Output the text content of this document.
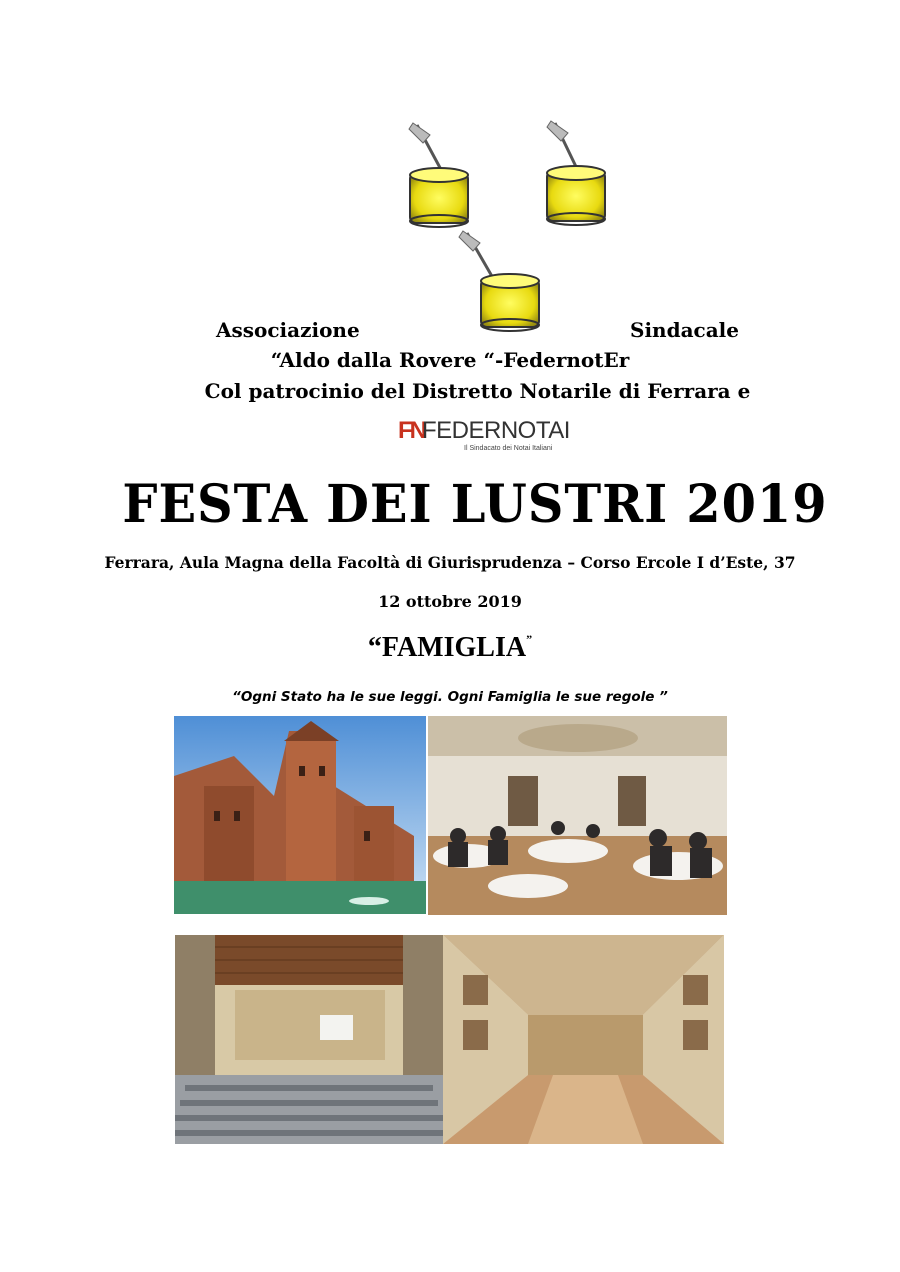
Associazione	Sindacale
“Aldo dalla Rovere “-FedernotEr
Col patrocinio del Distretto Notarile di Ferrara e
FN
FEDERNOTAI
Il Sindacato dei Notai Italiani
FESTA DEI LUSTRI 2019
Ferrara, Aula Magna della Facoltà di Giurisprudenza – Corso Ercole I d’Este, 37
12 ottobre 2019
“FAMIGLIA”
“Ogni Stato ha le sue leggi. Ogni Famiglia le sue regole ”
